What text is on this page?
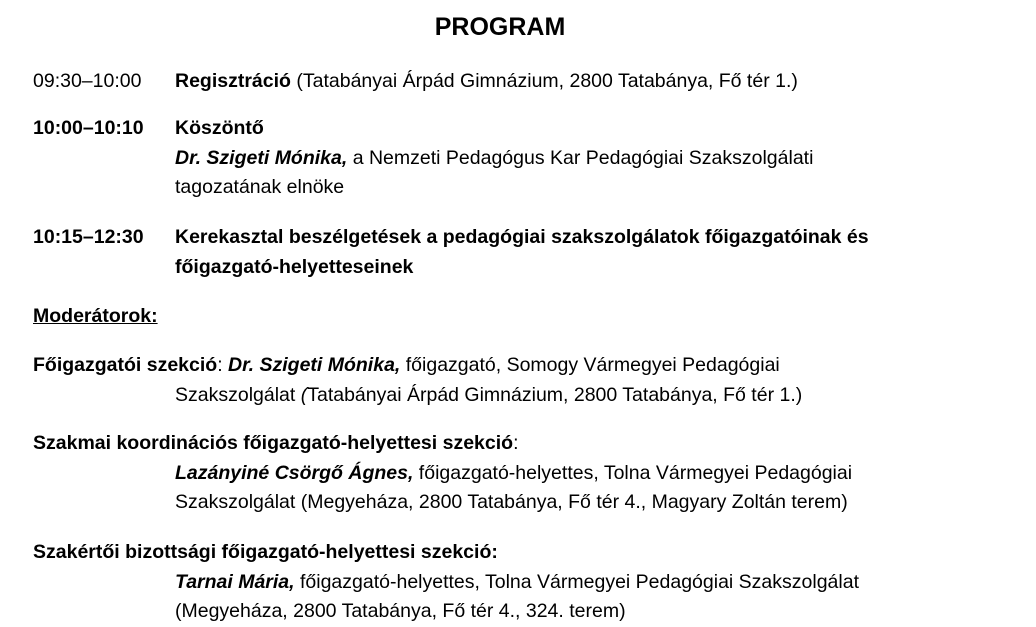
PROGRAM
09:30–10:00	Regisztráció (Tatabányai Árpád Gimnázium, 2800 Tatabánya, Fő tér 1.)
10:00–10:10	Köszöntő
Dr. Szigeti Mónika, a Nemzeti Pedagógus Kar Pedagógiai Szakszolgálati
tagozatának elnöke
10:15–12:30	Kerekasztal beszélgetések a pedagógiai szakszolgálatok főigazgatóinak és
főigazgató-helyetteseinek
Moderátorok:
Főigazgatói szekció: Dr. Szigeti Mónika, főigazgató, Somogy Vármegyei Pedagógiai
Szakszolgálat (Tatabányai Árpád Gimnázium, 2800 Tatabánya, Fő tér 1.)
Szakmai koordinációs főigazgató-helyettesi szekció:
Lazányiné Csörgő Ágnes, főigazgató-helyettes, Tolna Vármegyei Pedagógiai
Szakszolgálat (Megyeháza, 2800 Tatabánya, Fő tér 4., Magyary Zoltán terem)
Szakértői bizottsági főigazgató-helyettesi szekció:
Tarnai Mária, főigazgató-helyettes, Tolna Vármegyei Pedagógiai Szakszolgálat
(Megyeháza, 2800 Tatabánya, Fő tér 4., 324. terem)
